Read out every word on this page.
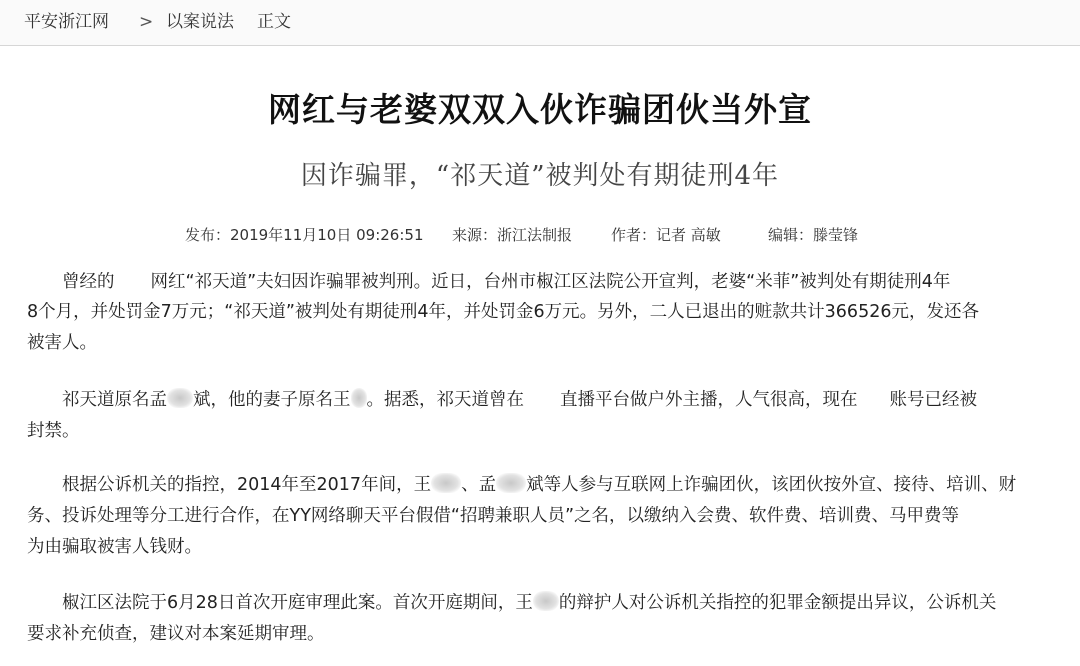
平安浙江网 > 以案说法 正文
网红与老婆双双入伙诈骗团伙当外宣
因诈骗罪，“祁天道”被判处有期徒刑4年
发布：2019年11月10日 09:26:51 来源：浙江法制报	作者：记者 高敏	编辑：滕莹锋
曾经的 网红“祁天道”夫妇因诈骗罪被判刑。近日，台州市椒江区法院公开宣判，老婆“米菲”被判处有期徒刑4年
8个月，并处罚金7万元；“祁天道”被判处有期徒刑4年，并处罚金6万元。另外，二人已退出的赃款共计366526元，发还各
被害人。
祁天道原名孟 斌，他的妻子原名王 。据悉，祁天道曾在 直播平台做户外主播，人气很高，现在 账号已经被
封禁。
根据公诉机关的指控，2014年至2017年间，王 、孟 斌等人参与互联网上诈骗团伙，该团伙按外宣、接待、培训、财
务、投诉处理等分工进行合作，在YY网络聊天平台假借“招聘兼职人员”之名，以缴纳入会费、软件费、培训费、马甲费等
为由骗取被害人钱财。
椒江区法院于6月28日首次开庭审理此案。首次开庭期间，王 的辩护人对公诉机关指控的犯罪金额提出异议，公诉机关
要求补充侦查，建议对本案延期审理。
